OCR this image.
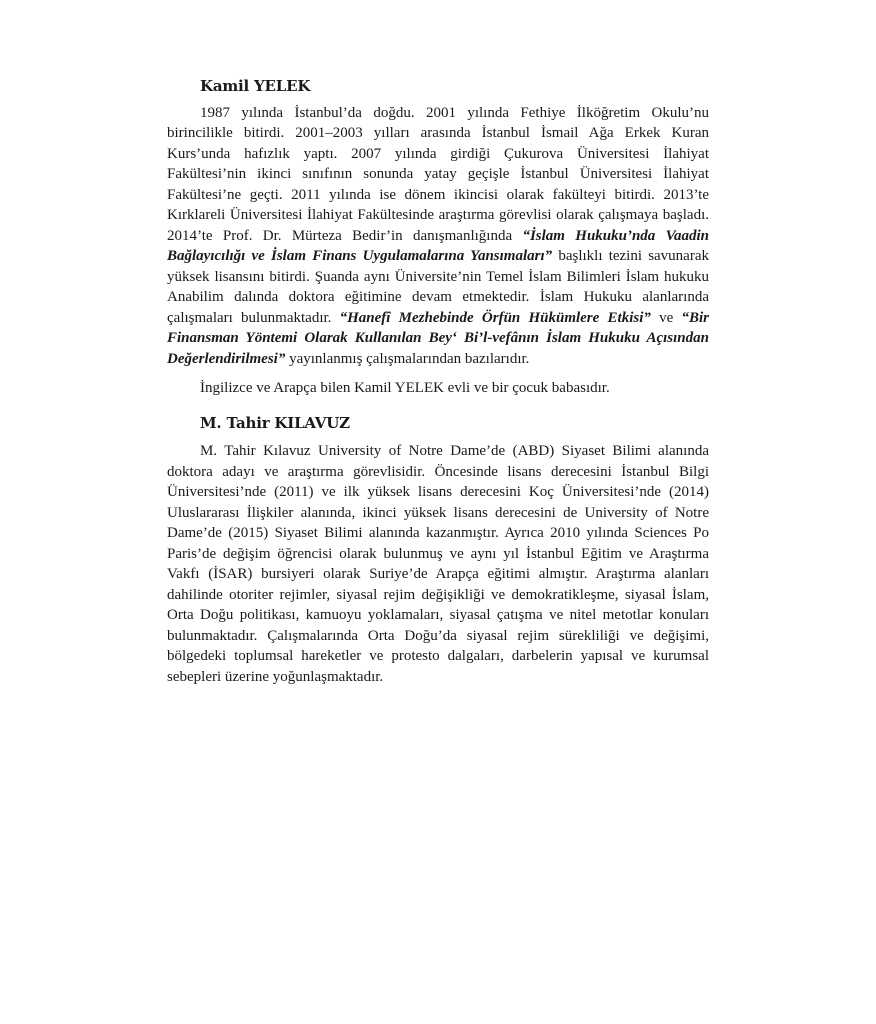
Kamil YELEK

1987 yılında İstanbul’da doğdu. 2001 yılında Fethiye İlköğretim Okulu’nu birincilikle bitirdi. 2001–2003 yılları arasında İstanbul İsmail Ağa Erkek Kuran Kurs’unda hafızlık yaptı. 2007 yılında girdiği Çukurova Üniversitesi İlahiyat Fakültesi’nin ikinci sınıfının sonunda yatay geçişle İstanbul Üniversitesi İlahiyat Fakültesi’ne geçti. 2011 yılında ise dönem ikincisi olarak fakülteyi bitirdi. 2013’te Kırklareli Üniversitesi İlahiyat Fakültesinde araştırma görevlisi olarak çalışmaya başladı. 2014’te Prof. Dr. Mürteza Bedir’in danışmanlığında “İslam Hukuku’nda Vaadin Bağlayıcılığı ve İslam Finans Uygulamalarına Yansımaları” başlıklı tezini savunarak yüksek lisansını bitirdi. Şuanda aynı Üniversite’nin Temel İslam Bilimleri İslam hukuku Anabilim dalında doktora eğitimine devam etmektedir. İslam Hukuku alanlarında çalışmaları bulunmaktadır. “Hanefî Mezhebinde Örfün Hükümlere Etkisi” ve “Bir Finansman Yöntemi Olarak Kullanılan Bey‘ Bi’l-vefânın İslam Hukuku Açısından Değerlendirilmesi” yayınlanmış çalışmalarından bazılarıdır.

İngilizce ve Arapça bilen Kamil YELEK evli ve bir çocuk babasıdır.

M. Tahir KILAVUZ

M. Tahir Kılavuz University of Notre Dame’de (ABD) Siyaset Bilimi alanında doktora adayı ve araştırma görevlisidir. Öncesinde lisans derecesini İstanbul Bilgi Üniversitesi’nde (2011) ve ilk yüksek lisans derecesini Koç Üniversitesi’nde (2014) Uluslararası İlişkiler alanında, ikinci yüksek lisans derecesini de University of Notre Dame’de (2015) Siyaset Bilimi alanında kazanmıştır. Ayrıca 2010 yılında Sciences Po Paris’de değişim öğrencisi olarak bulunmuş ve aynı yıl İstanbul Eğitim ve Araştırma Vakfı (İSAR) bursiyeri olarak Suriye’de Arapça eğitimi almıştır. Araştırma alanları dahilinde otoriter rejimler, siyasal rejim değişikliği ve demokratikleşme, siyasal İslam, Orta Doğu politikası, kamuoyu yoklamaları, siyasal çatışma ve nitel metotlar konuları bulunmaktadır. Çalışmalarında Orta Doğu’da siyasal rejim sürekliliği ve değişimi, bölgedeki toplumsal hareketler ve protesto dalgaları, darbelerin yapısal ve kurumsal sebepleri üzerine yoğunlaşmaktadır.
